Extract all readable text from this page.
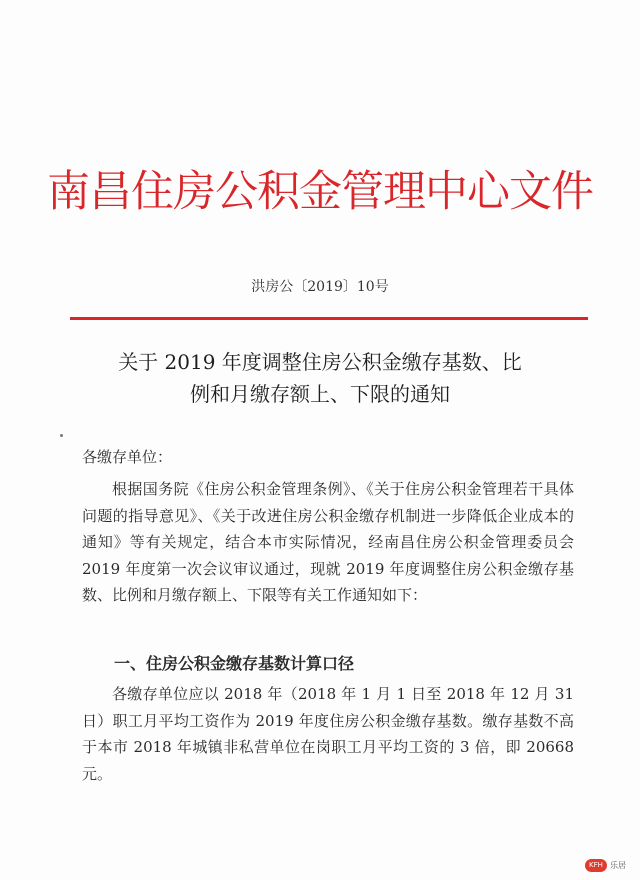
南昌住房公积金管理中心文件
洪房公〔2019〕10号
关于 2019 年度调整住房公积金缴存基数、比
例和月缴存额上、下限的通知
各缴存单位：
根据国务院《住房公积金管理条例》、《关于住房公积金管理若干具体问题的指导意见》、《关于改进住房公积金缴存机制进一步降低企业成本的通知》等有关规定，结合本市实际情况，经南昌住房公积金管理委员会 2019 年度第一次会议审议通过，现就 2019 年度调整住房公积金缴存基数、比例和月缴存额上、下限等有关工作通知如下：
一、住房公积金缴存基数计算口径
各缴存单位应以 2018 年（2018 年 1 月 1 日至 2018 年 12 月 31 日）职工月平均工资作为 2019 年度住房公积金缴存基数。缴存基数不高于本市 2018 年城镇非私营单位在岗职工月平均工资的 3 倍，即 20668 元。
KFH 乐居
